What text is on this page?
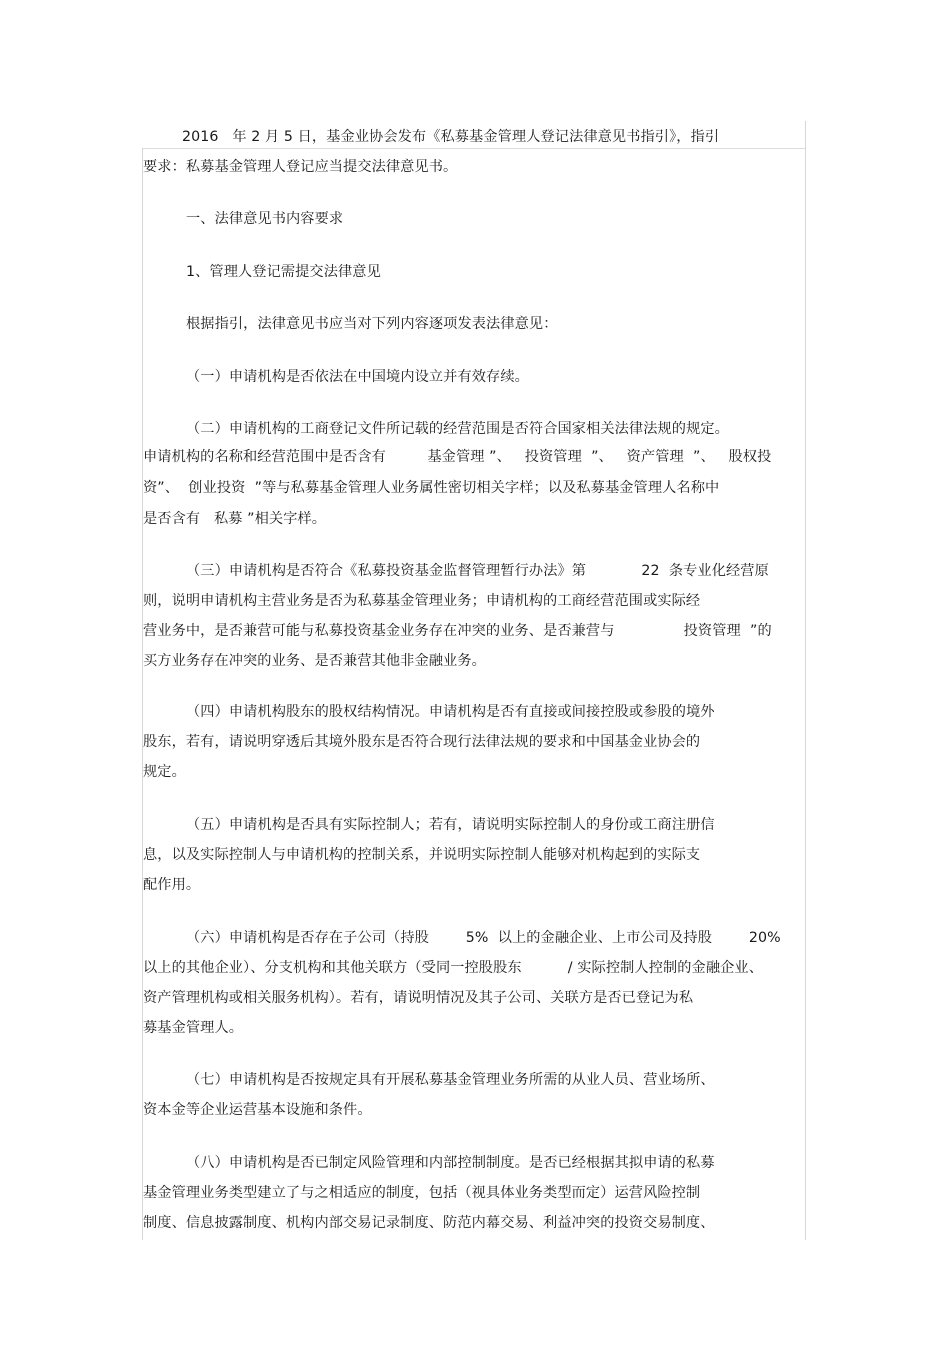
2016   年 2 月 5 日，基金业协会发布《私募基金管理人登记法律意见书指引》，指引
要求：私募基金管理人登记应当提交法律意见书。
一、法律意见书内容要求
1、管理人登记需提交法律意见
根据指引，法律意见书应当对下列内容逐项发表法律意见：
（一）申请机构是否依法在中国境内设立并有效存续。
（二）申请机构的工商登记文件所记载的经营范围是否符合国家相关法律法规的规定。
申请机构的名称和经营范围中是否含有         基金管理 ”、   投资管理  ”、   资产管理  ”、   股权投
资”、  创业投资  ”等与私募基金管理人业务属性密切相关字样；以及私募基金管理人名称中
是否含有   私募 ”相关字样。
（三）申请机构是否符合《私募投资基金监督管理暂行办法》第            22  条专业化经营原
则，说明申请机构主营业务是否为私募基金管理业务；申请机构的工商经营范围或实际经
营业务中，是否兼营可能与私募投资基金业务存在冲突的业务、是否兼营与               投资管理  ”的
买方业务存在冲突的业务、是否兼营其他非金融业务。
（四）申请机构股东的股权结构情况。申请机构是否有直接或间接控股或参股的境外
股东，若有，请说明穿透后其境外股东是否符合现行法律法规的要求和中国基金业协会的
规定。
（五）申请机构是否具有实际控制人；若有，请说明实际控制人的身份或工商注册信
息，以及实际控制人与申请机构的控制关系，并说明实际控制人能够对机构起到的实际支
配作用。
（六）申请机构是否存在子公司（持股        5%  以上的金融企业、上市公司及持股        20%
以上的其他企业）、分支机构和其他关联方（受同一控股股东          / 实际控制人控制的金融企业、
资产管理机构或相关服务机构）。若有，请说明情况及其子公司、关联方是否已登记为私
募基金管理人。
（七）申请机构是否按规定具有开展私募基金管理业务所需的从业人员、营业场所、
资本金等企业运营基本设施和条件。
（八）申请机构是否已制定风险管理和内部控制制度。是否已经根据其拟申请的私募
基金管理业务类型建立了与之相适应的制度，包括（视具体业务类型而定）运营风险控制
制度、信息披露制度、机构内部交易记录制度、防范内幕交易、利益冲突的投资交易制度、
